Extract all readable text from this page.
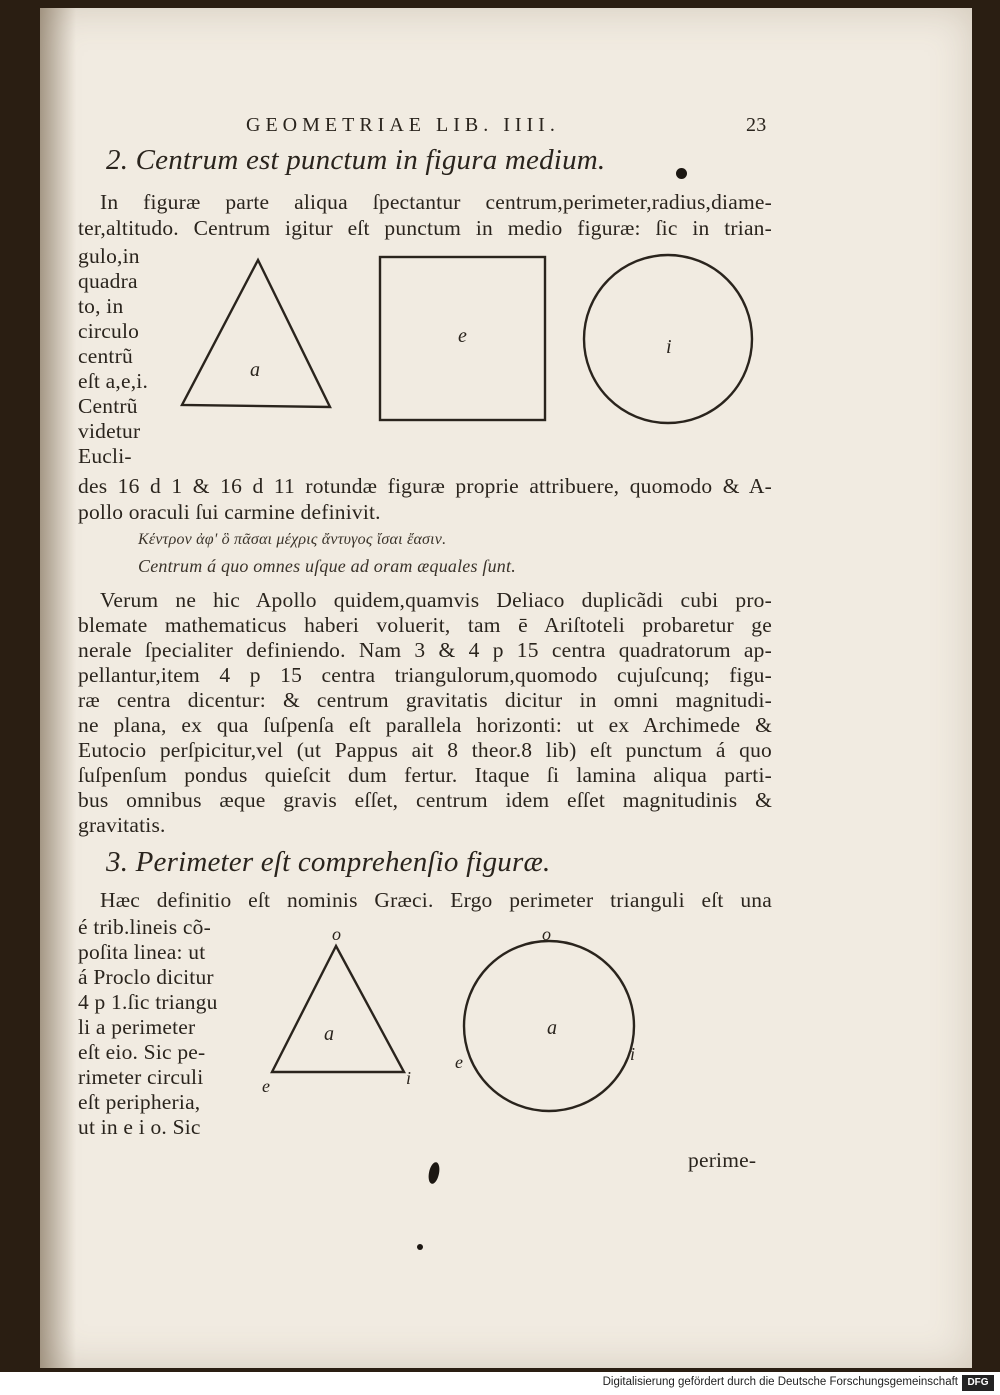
GEOMETRIAE LIB. IIII.	23
2. Centrum est punctum in figura medium.
In figuræ parte aliqua ſpectantur centrum,perimeter,radius,diame-
ter,altitudo. Centrum igitur eſt punctum in medio figuræ: ſic in trian-
gulo,in
quadra
to, in
circulo
centrũ
eſt a,e,i.
Centrũ
videtur
Eucli-
a
e	i
des 16 d 1 & 16 d 11 rotundæ figuræ proprie attribuere, quomodo & A-
pollo oraculi ſui carmine definivit.
Κέντρον ἀφ' ὃ πᾶσαι μέχρις ἄντυγος ἴσαι ἔασιν.
Centrum á quo omnes uſque ad oram æquales ſunt.
Verum ne hic Apollo quidem,quamvis Deliaco duplicãdi cubi pro-
blemate mathematicus haberi voluerit, tam ē Ariſtoteli probaretur ge
nerale ſpecialiter definiendo. Nam 3 & 4 p 15 centra quadratorum ap-
pellantur,item 4 p 15 centra triangulorum,quomodo cujuſcunq; figu-
ræ centra dicentur: & centrum gravitatis dicitur in omni magnitudi-
ne plana, ex qua ſuſpenſa eſt parallela horizonti: ut ex Archimede &
Eutocio perſpicitur,vel (ut Pappus ait 8 theor.8 lib) eſt punctum á quo
ſuſpenſum pondus quieſcit dum fertur. Itaque ſi lamina aliqua parti-
bus omnibus æque gravis eſſet, centrum idem eſſet magnitudinis &
gravitatis.
3. Perimeter eſt comprehenſio figuræ.
Hæc definitio eſt nominis Græci. Ergo perimeter trianguli eſt una
é trib.lineis cõ-
poſita linea: ut
á Proclo dicitur
4 p 1.ſic triangu
li a perimeter
eſt eio. Sic pe-
rimeter circuli
eſt peripheria,
ut in e i o. Sic
o
a
e	i
o
a
e	i
perime-
Digitalisierung gefördert durch die Deutsche Forschungsgemeinschaft DFG
